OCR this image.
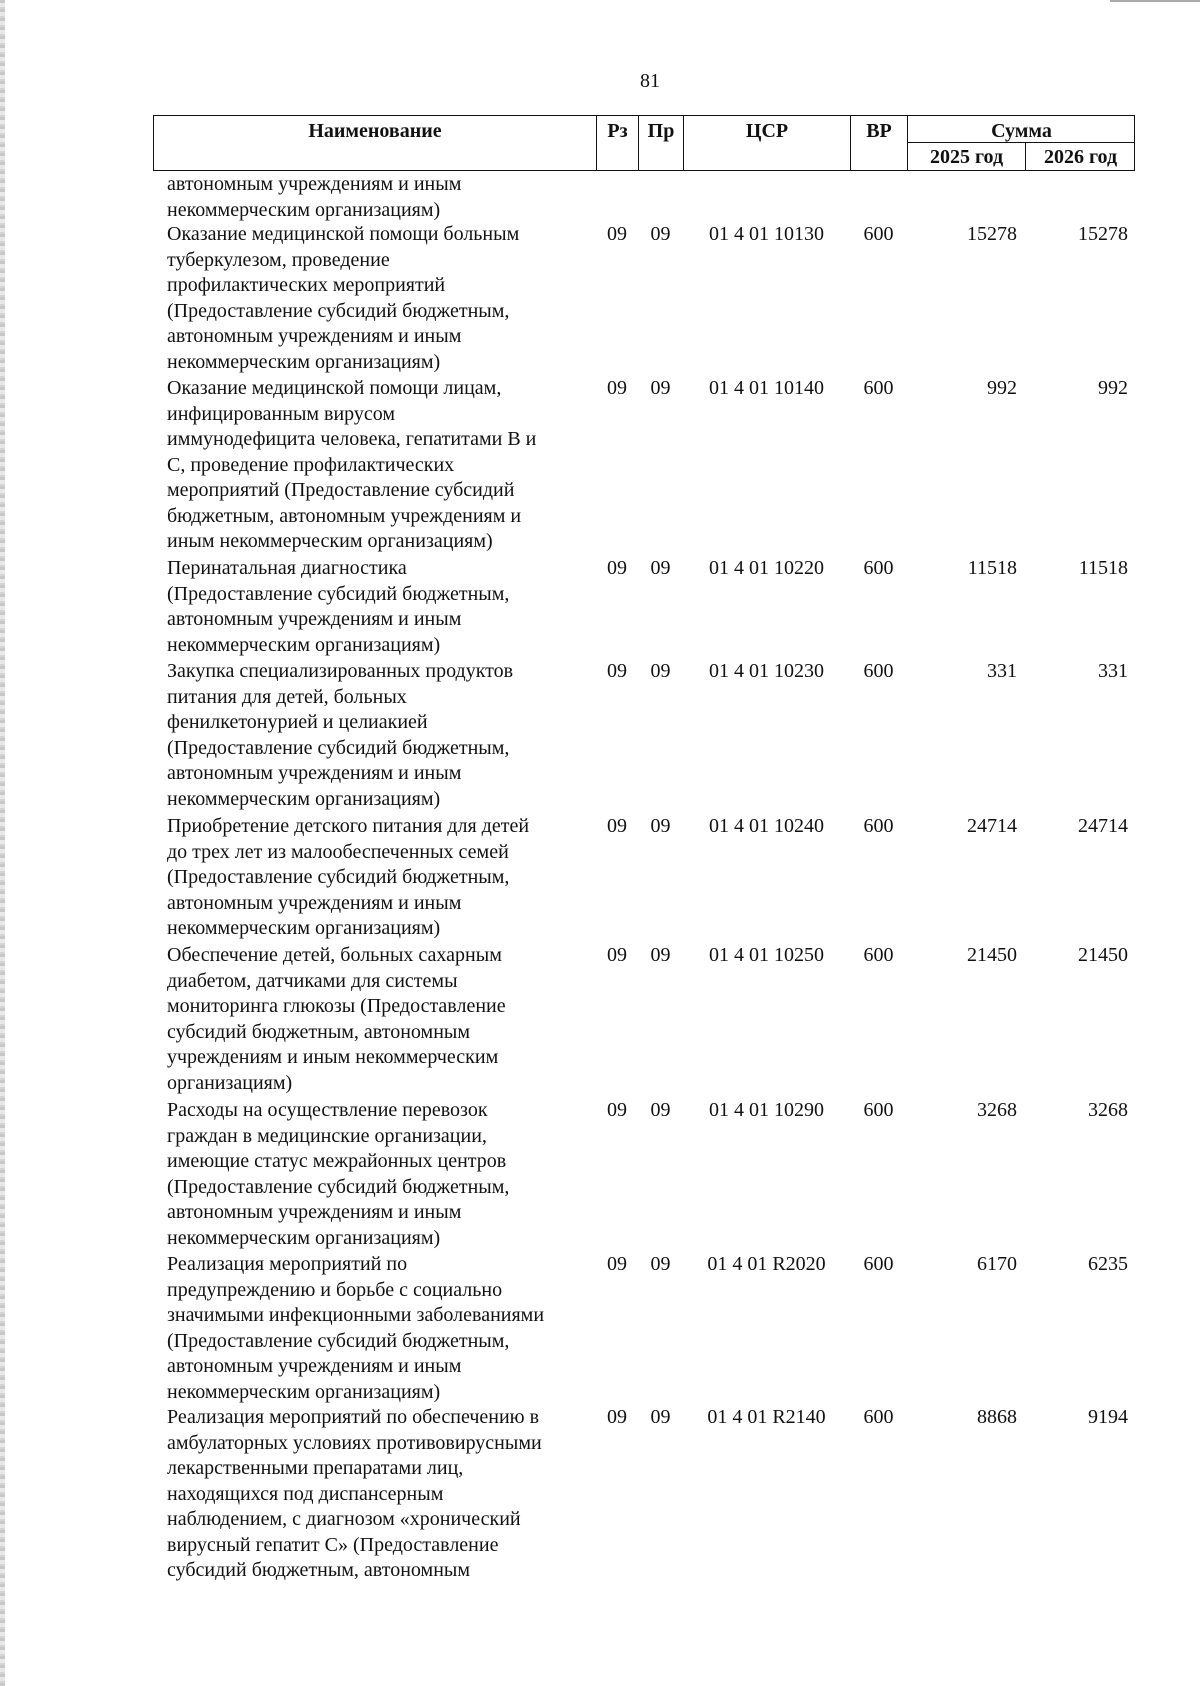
81
Наименование	Рз	Пр	ЦСР	ВР	Сумма
2025 год	2026 год
автономным учреждениям и иным
некоммерческим организациям)
Оказание медицинской помощи больным
туберкулезом, проведение
профилактических мероприятий
(Предоставление субсидий бюджетным,
автономным учреждениям и иным
некоммерческим организациям)
09	09	01 4 01 10130	600	15278	15278
Оказание медицинской помощи лицам,
инфицированным вирусом
иммунодефицита человека, гепатитами В и
С, проведение профилактических
мероприятий (Предоставление субсидий
бюджетным, автономным учреждениям и
иным некоммерческим организациям)
09	09	01 4 01 10140	600	992	992
Перинатальная диагностика
(Предоставление субсидий бюджетным,
автономным учреждениям и иным
некоммерческим организациям)
09	09	01 4 01 10220	600	11518	11518
Закупка специализированных продуктов
питания для детей, больных
фенилкетонурией и целиакией
(Предоставление субсидий бюджетным,
автономным учреждениям и иным
некоммерческим организациям)
09	09	01 4 01 10230	600	331	331
Приобретение детского питания для детей
до трех лет из малообеспеченных семей
(Предоставление субсидий бюджетным,
автономным учреждениям и иным
некоммерческим организациям)
09	09	01 4 01 10240	600	24714	24714
Обеспечение детей, больных сахарным
диабетом, датчиками для системы
мониторинга глюкозы (Предоставление
субсидий бюджетным, автономным
учреждениям и иным некоммерческим
организациям)
09	09	01 4 01 10250	600	21450	21450
Расходы на осуществление перевозок
граждан в медицинские организации,
имеющие статус межрайонных центров
(Предоставление субсидий бюджетным,
автономным учреждениям и иным
некоммерческим организациям)
09	09	01 4 01 10290	600	3268	3268
Реализация мероприятий по
предупреждению и борьбе с социально
значимыми инфекционными заболеваниями
(Предоставление субсидий бюджетным,
автономным учреждениям и иным
некоммерческим организациям)
09	09	01 4 01 R2020	600	6170	6235
Реализация мероприятий по обеспечению в
амбулаторных условиях противовирусными
лекарственными препаратами лиц,
находящихся под диспансерным
наблюдением, с диагнозом «хронический
вирусный гепатит С» (Предоставление
субсидий бюджетным, автономным
09	09	01 4 01 R2140	600	8868	9194
